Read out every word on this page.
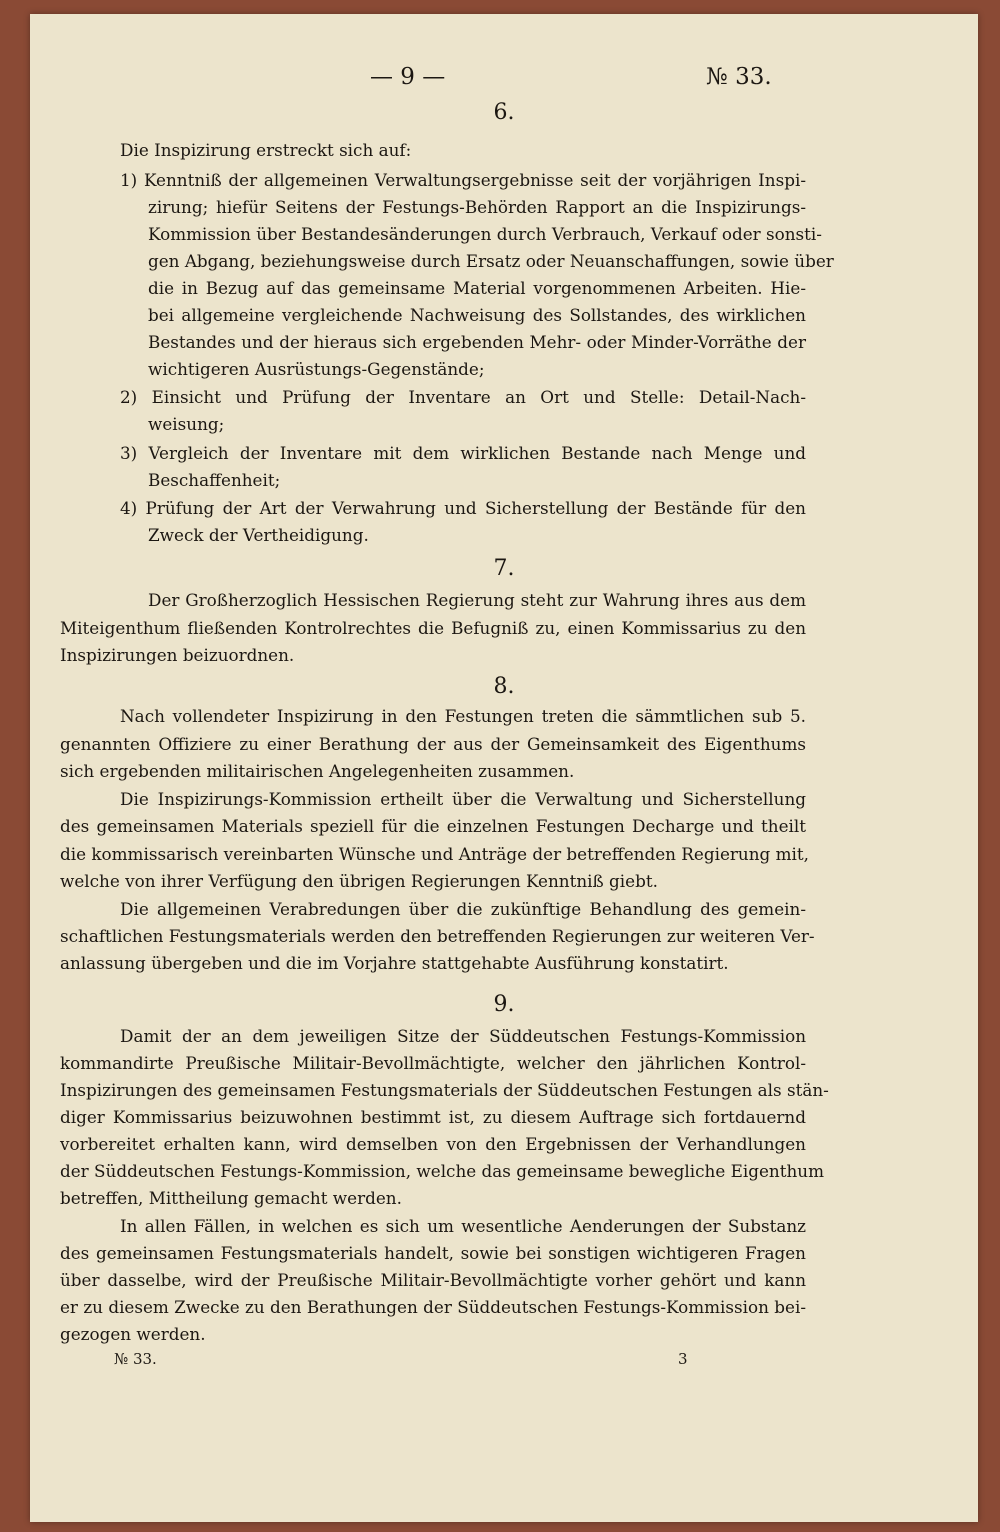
— 9 —	№ 33.
6.
Die Inspizirung erstreckt sich auf:
1) Kenntniß der allgemeinen Verwaltungsergebnisse seit der vorjährigen Inspi-
zirung; hiefür Seitens der Festungs-Behörden Rapport an die Inspizirungs-
Kommission über Bestandesänderungen durch Verbrauch, Verkauf oder sonsti-
gen Abgang, beziehungsweise durch Ersatz oder Neuanschaffungen, sowie über
die in Bezug auf das gemeinsame Material vorgenommenen Arbeiten. Hie-
bei allgemeine vergleichende Nachweisung des Sollstandes, des wirklichen
Bestandes und der hieraus sich ergebenden Mehr- oder Minder-Vorräthe der
wichtigeren Ausrüstungs-Gegenstände;
2) Einsicht und Prüfung der Inventare an Ort und Stelle: Detail-Nach-
weisung;
3) Vergleich der Inventare mit dem wirklichen Bestande nach Menge und
Beschaffenheit;
4) Prüfung der Art der Verwahrung und Sicherstellung der Bestände für den
Zweck der Vertheidigung.
7.
Der Großherzoglich Hessischen Regierung steht zur Wahrung ihres aus dem
Miteigenthum fließenden Kontrolrechtes die Befugniß zu, einen Kommissarius zu den
Inspizirungen beizuordnen.
8.
Nach vollendeter Inspizirung in den Festungen treten die sämmtlichen sub 5.
genannten Offiziere zu einer Berathung der aus der Gemeinsamkeit des Eigenthums
sich ergebenden militairischen Angelegenheiten zusammen.
Die Inspizirungs-Kommission ertheilt über die Verwaltung und Sicherstellung
des gemeinsamen Materials speziell für die einzelnen Festungen Decharge und theilt
die kommissarisch vereinbarten Wünsche und Anträge der betreffenden Regierung mit,
welche von ihrer Verfügung den übrigen Regierungen Kenntniß giebt.
Die allgemeinen Verabredungen über die zukünftige Behandlung des gemein-
schaftlichen Festungsmaterials werden den betreffenden Regierungen zur weiteren Ver-
anlassung übergeben und die im Vorjahre stattgehabte Ausführung konstatirt.
9.
Damit der an dem jeweiligen Sitze der Süddeutschen Festungs-Kommission
kommandirte Preußische Militair-Bevollmächtigte, welcher den jährlichen Kontrol-
Inspizirungen des gemeinsamen Festungsmaterials der Süddeutschen Festungen als stän-
diger Kommissarius beizuwohnen bestimmt ist, zu diesem Auftrage sich fortdauernd
vorbereitet erhalten kann, wird demselben von den Ergebnissen der Verhandlungen
der Süddeutschen Festungs-Kommission, welche das gemeinsame bewegliche Eigenthum
betreffen, Mittheilung gemacht werden.
In allen Fällen, in welchen es sich um wesentliche Aenderungen der Substanz
des gemeinsamen Festungsmaterials handelt, sowie bei sonstigen wichtigeren Fragen
über dasselbe, wird der Preußische Militair-Bevollmächtigte vorher gehört und kann
er zu diesem Zwecke zu den Berathungen der Süddeutschen Festungs-Kommission bei-
gezogen werden.
№ 33.	3
